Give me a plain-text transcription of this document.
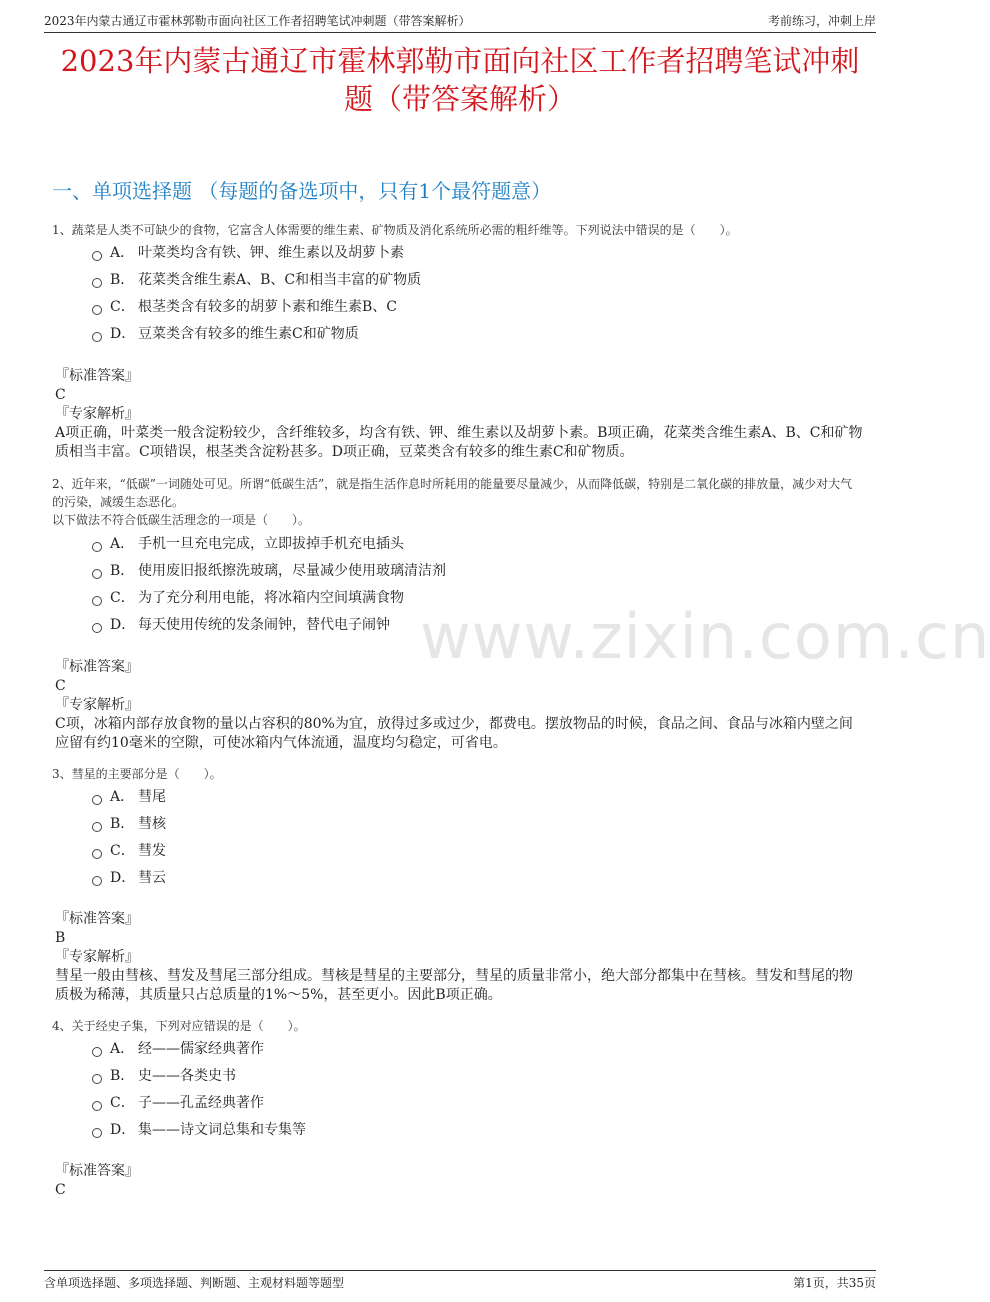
2023年内蒙古通辽市霍林郭勒市面向社区工作者招聘笔试冲刺题（带答案解析）	考前练习，冲刺上岸
2023年内蒙古通辽市霍林郭勒市面向社区工作者招聘笔试冲刺题（带答案解析）
一、单项选择题 （每题的备选项中，只有1个最符题意）

1、蔬菜是人类不可缺少的食物，它富含人体需要的维生素、矿物质及消化系统所必需的粗纤维等。下列说法中错误的是（　　）。

A． 叶菜类均含有铁、钾、维生素以及胡萝卜素
B． 花菜类含维生素A、B、C和相当丰富的矿物质
C． 根茎类含有较多的胡萝卜素和维生素B、C
D． 豆菜类含有较多的维生素C和矿物质
『标准答案』
C
『专家解析』
A项正确，叶菜类一般含淀粉较少，含纤维较多，均含有铁、钾、维生素以及胡萝卜素。B项正确，花菜类含维生素A、B、C和矿物质相当丰富。C项错误，根茎类含淀粉甚多。D项正确，豆菜类含有较多的维生素C和矿物质。

2、近年来，“低碳”一词随处可见。所谓“低碳生活”，就是指生活作息时所耗用的能量要尽量减少，从而降低碳，特别是二氧化碳的排放量，减少对大气的污染，减缓生态恶化。

以下做法不符合低碳生活理念的一项是（　　）。

A． 手机一旦充电完成，立即拔掉手机充电插头
B． 使用废旧报纸擦洗玻璃，尽量减少使用玻璃清洁剂
C． 为了充分利用电能，将冰箱内空间填满食物
D． 每天使用传统的发条闹钟，替代电子闹钟
『标准答案』
C
『专家解析』
C项，冰箱内部存放食物的量以占容积的80%为宜，放得过多或过少，都费电。摆放物品的时候，食品之间、食品与冰箱内壁之间应留有约10毫米的空隙，可使冰箱内气体流通，温度均匀稳定，可省电。

3、彗星的主要部分是（　　）。

A． 彗尾
B． 彗核
C． 彗发
D． 彗云
『标准答案』
B
『专家解析』
彗星一般由彗核、彗发及彗尾三部分组成。彗核是彗星的主要部分，彗星的质量非常小，绝大部分都集中在彗核。彗发和彗尾的物质极为稀薄，其质量只占总质量的1%～5%，甚至更小。因此B项正确。

4、关于经史子集，下列对应错误的是（　　）。

A． 经——儒家经典著作
B． 史——各类史书
C． 子——孔孟经典著作
D． 集——诗文词总集和专集等
『标准答案』
C
www.zixin.com.cn
含单项选择题、多项选择题、判断题、主观材料题等题型	第1页，共35页
